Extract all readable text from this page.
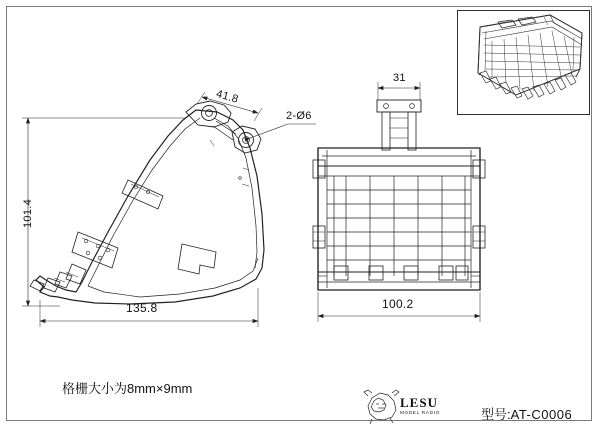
101.4
135.8
41.8
2-Ø6
31
100.2
格栅大小为8mm×9mm
LESU
MODEL RADIO	型号:AT-C0006
